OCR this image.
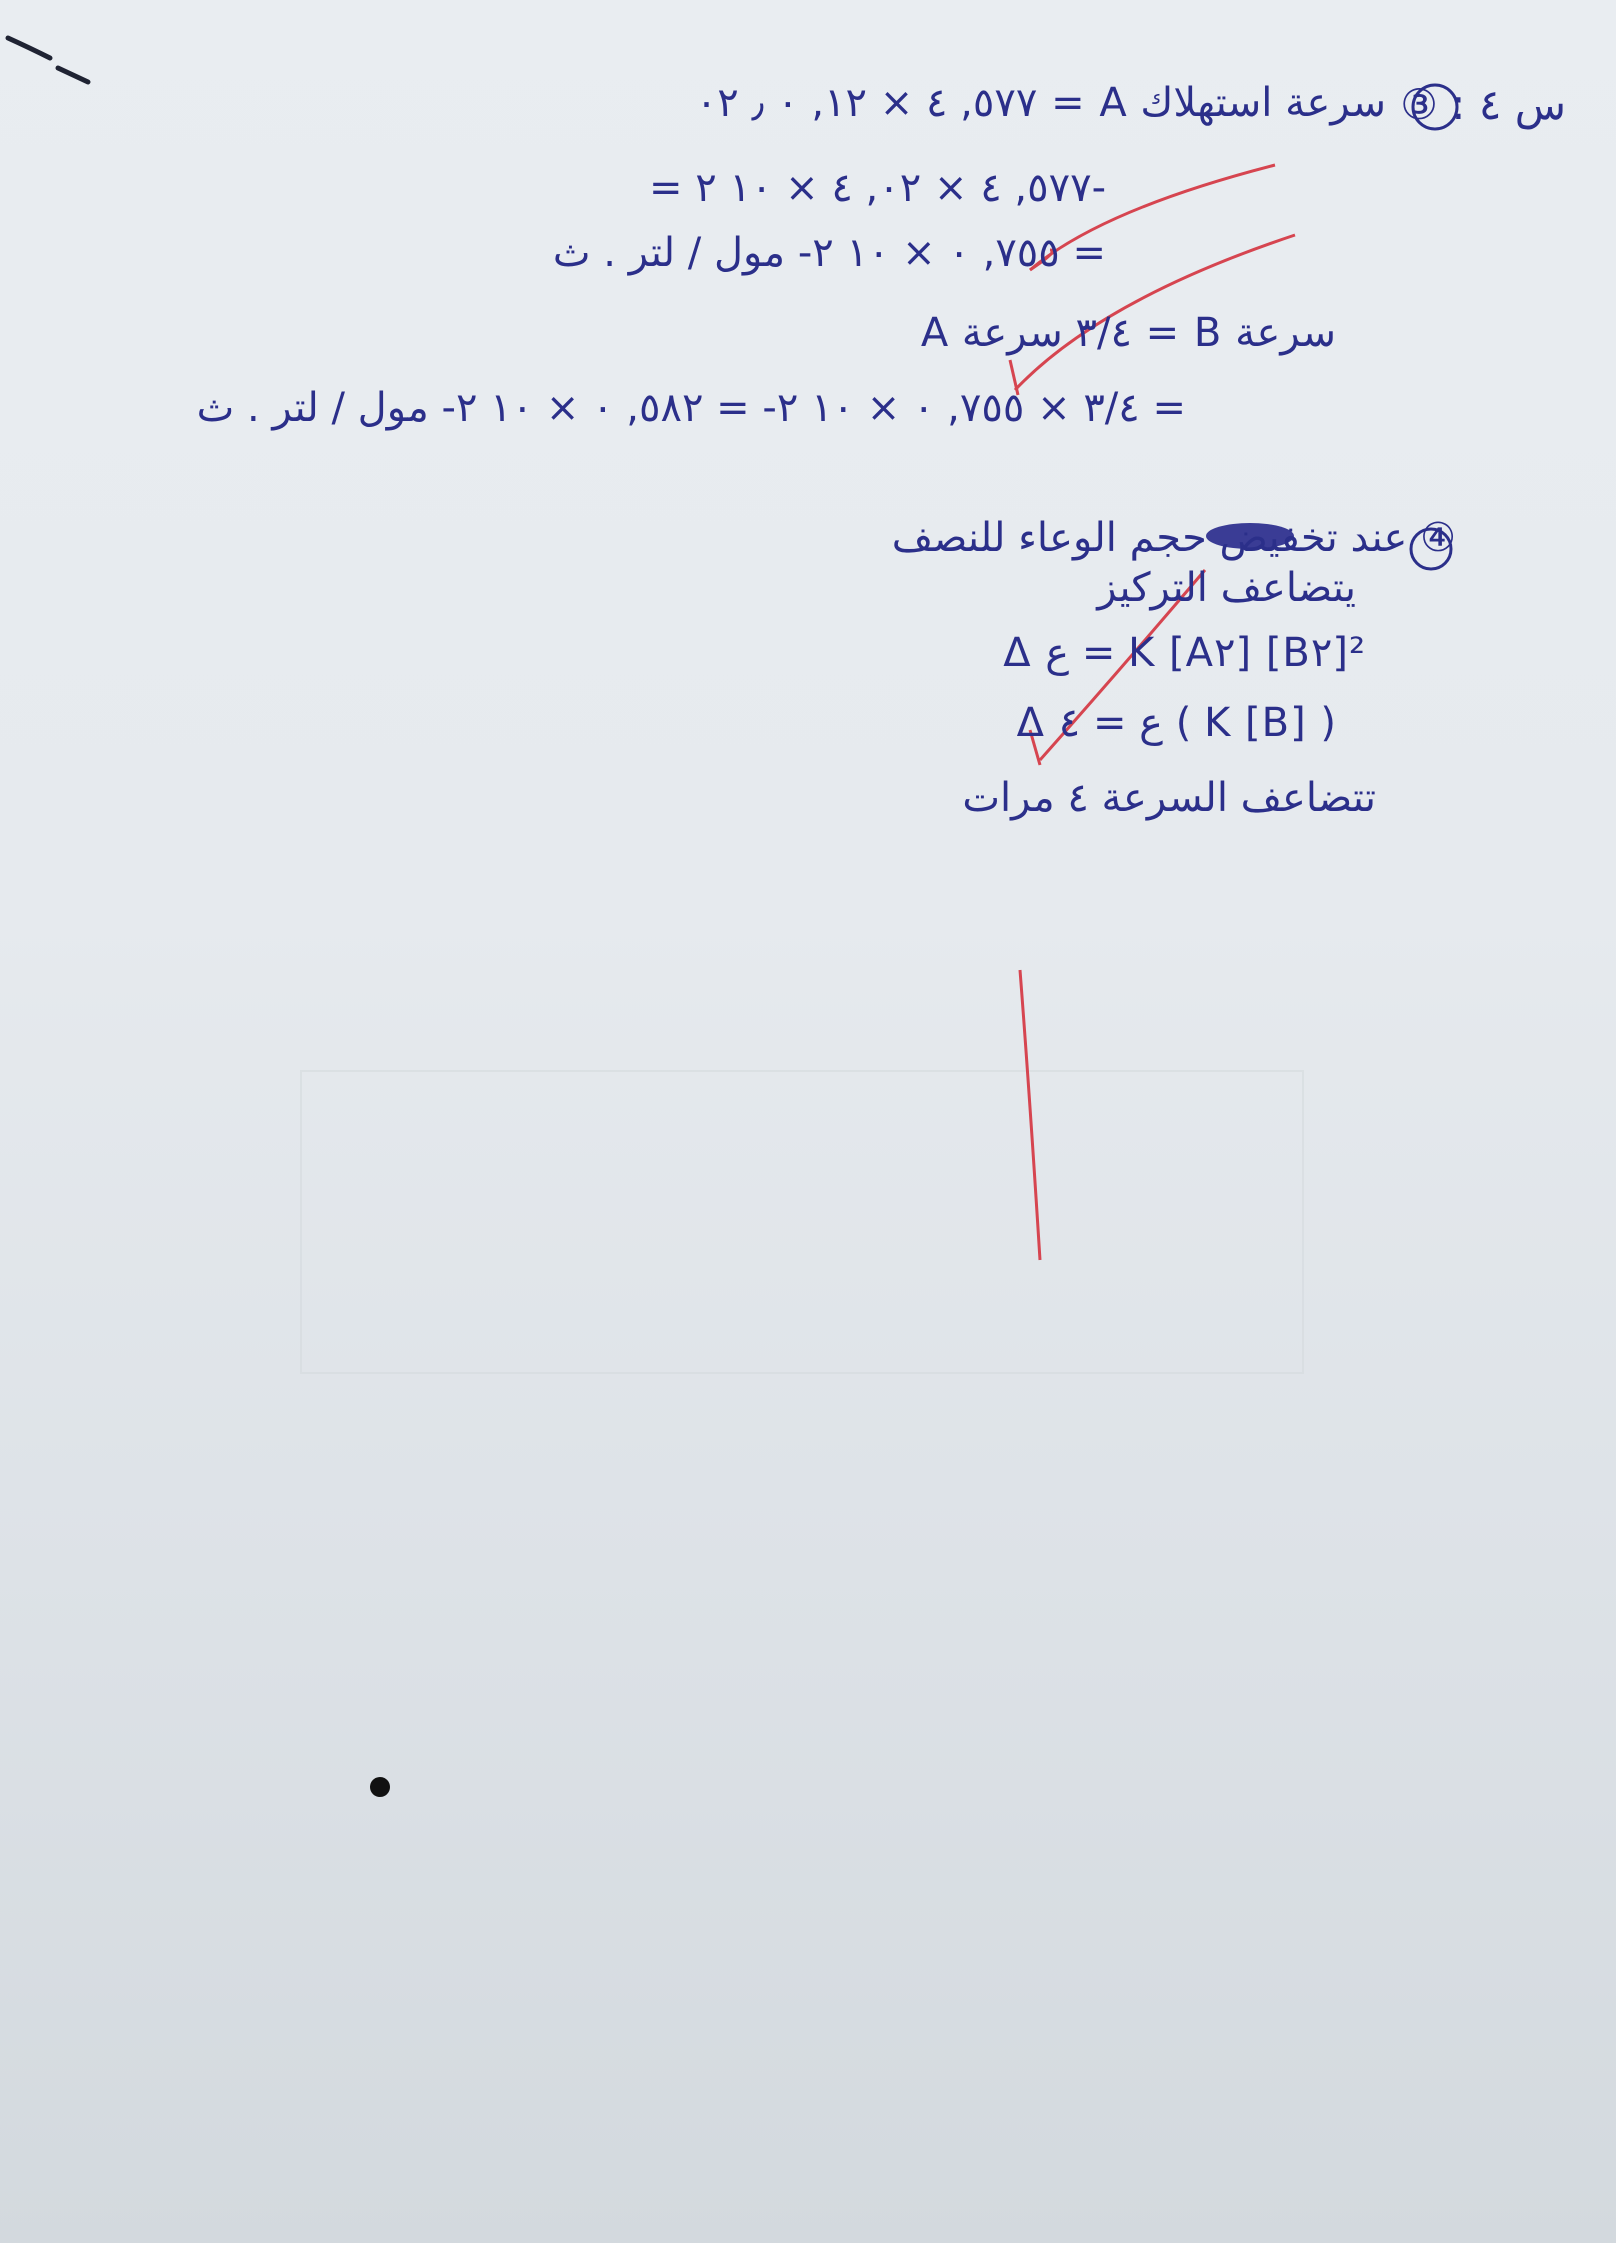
س ٤ : ③
سرعة استهلاك A = ٥٧٧, ٤ × ١٢, ٠ ٫ ٠٢
= ٥٧٧, ٤ × ٠٢, ٤ × ١٠ ٢-
= ٧٥٥, ٠ × ١٠ ٢- مول / لتر . ث
سرعة B = ٣/٤ سرعة A
= ٣/٤ × ٧٥٥, ٠ × ١٠ ٢- = ٥٨٢, ٠ × ١٠ ٢- مول / لتر . ث
④ عند تخفيض حجم الوعاء للنصف
يتضاعف التركيز
Δ ع = K [A٢] [B٢]²
Δ ع = ٤ ( K [B] )
تتضاعف السرعة ٤ مرات
